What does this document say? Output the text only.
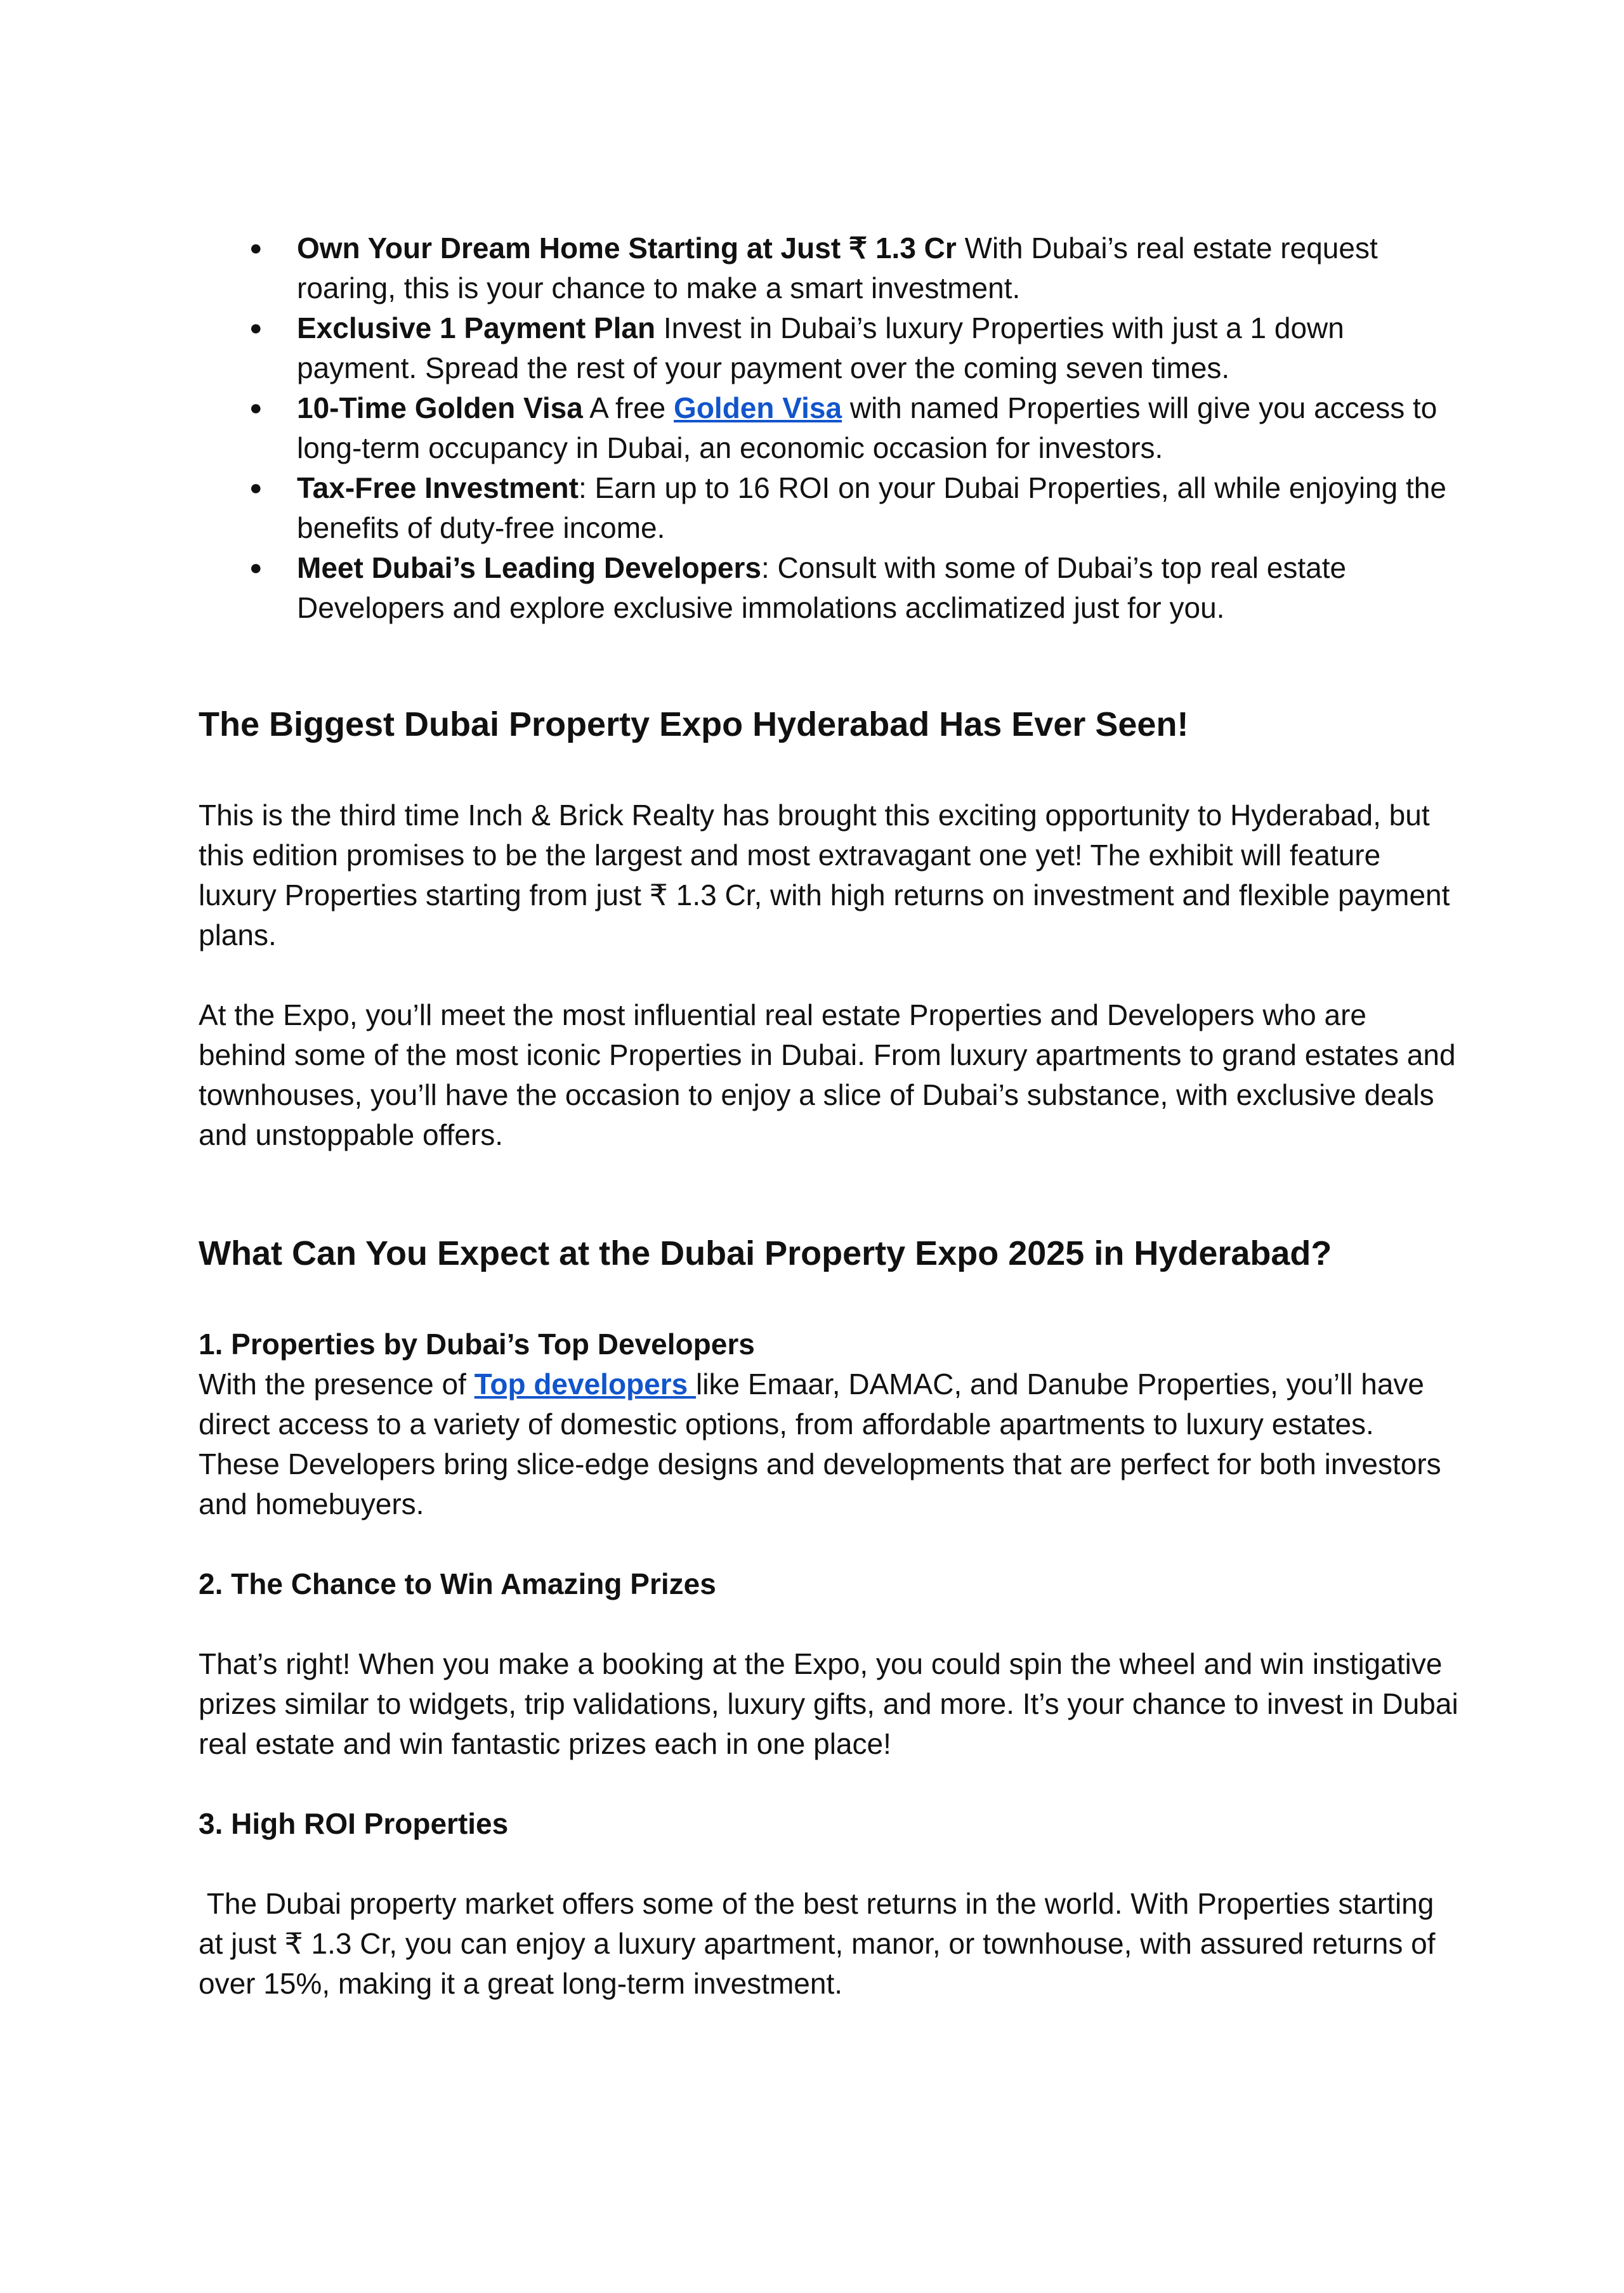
● Own Your Dream Home Starting at Just ₹ 1.3 Cr With Dubai’s real estate request roaring, this is your chance to make a smart investment.
● Exclusive 1 Payment Plan Invest in Dubai’s luxury Properties with just a 1 down payment. Spread the rest of your payment over the coming seven times.
● 10-Time Golden Visa A free Golden Visa with named Properties will give you access to long-term occupancy in Dubai, an economic occasion for investors.
● Tax-Free Investment: Earn up to 16 ROI on your Dubai Properties, all while enjoying the benefits of duty-free income.
● Meet Dubai’s Leading Developers: Consult with some of Dubai’s top real estate Developers and explore exclusive immolations acclimatized just for you.
The Biggest Dubai Property Expo Hyderabad Has Ever Seen!

This is the third time Inch & Brick Realty has brought this exciting opportunity to Hyderabad, but this edition promises to be the largest and most extravagant one yet! The exhibit will feature luxury Properties starting from just ₹ 1.3 Cr, with high returns on investment and flexible payment plans.

At the Expo, you’ll meet the most influential real estate Properties and Developers who are behind some of the most iconic Properties in Dubai. From luxury apartments to grand estates and townhouses, you’ll have the occasion to enjoy a slice of Dubai’s substance, with exclusive deals and unstoppable offers.

What Can You Expect at the Dubai Property Expo 2025 in Hyderabad?

1. Properties by Dubai’s Top Developers

With the presence of Top developers like Emaar, DAMAC, and Danube Properties, you’ll have direct access to a variety of domestic options, from affordable apartments to luxury estates. These Developers bring slice-edge designs and developments that are perfect for both investors and homebuyers.

2. The Chance to Win Amazing Prizes

That’s right! When you make a booking at the Expo, you could spin the wheel and win instigative prizes similar to widgets, trip validations, luxury gifts, and more. It’s your chance to invest in Dubai real estate and win fantastic prizes each in one place!

3. High ROI Properties

The Dubai property market offers some of the best returns in the world. With Properties starting at just ₹ 1.3 Cr, you can enjoy a luxury apartment, manor, or townhouse, with assured returns of over 15%, making it a great long-term investment.
